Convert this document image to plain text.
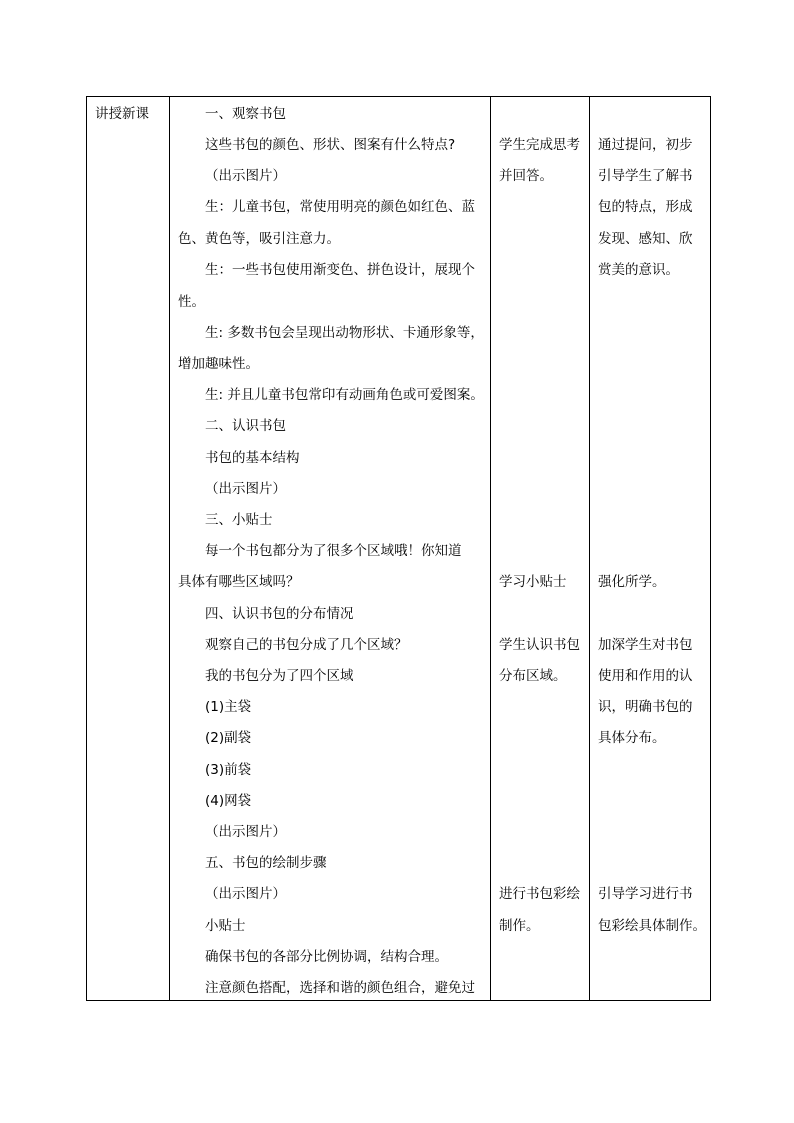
讲授新课	一、观察书包
这些书包的颜色、形状、图案有什么特点?
（出示图片）
生：儿童书包，常使用明亮的颜色如红色、蓝
色、黄色等，吸引注意力。
生：一些书包使用渐变色、拼色设计，展现个
性。
生: 多数书包会呈现出动物形状、卡通形象等，
增加趣味性。
生: 并且儿童书包常印有动画角色或可爱图案。
二、认识书包
书包的基本结构
（出示图片）
三、小贴士
每一个书包都分为了很多个区域哦！你知道
具体有哪些区域吗？
四、认识书包的分布情况
观察自己的书包分成了几个区域？
我的书包分为了四个区域
(1)主袋
(2)副袋
(3)前袋
(4)网袋
（出示图片）
五、书包的绘制步骤
（出示图片）
小贴士
确保书包的各部分比例协调，结构合理。
注意颜色搭配，选择和谐的颜色组合，避免过

学生完成思考
并回答。
学习小贴士
学生认识书包
分布区域。
进行书包彩绘
制作。

通过提问，初步
引导学生了解书
包的特点，形成
发现、感知、欣
赏美的意识。
强化所学。
加深学生对书包
使用和作用的认
识，明确书包的
具体分布。
引导学习进行书
包彩绘具体制作。
